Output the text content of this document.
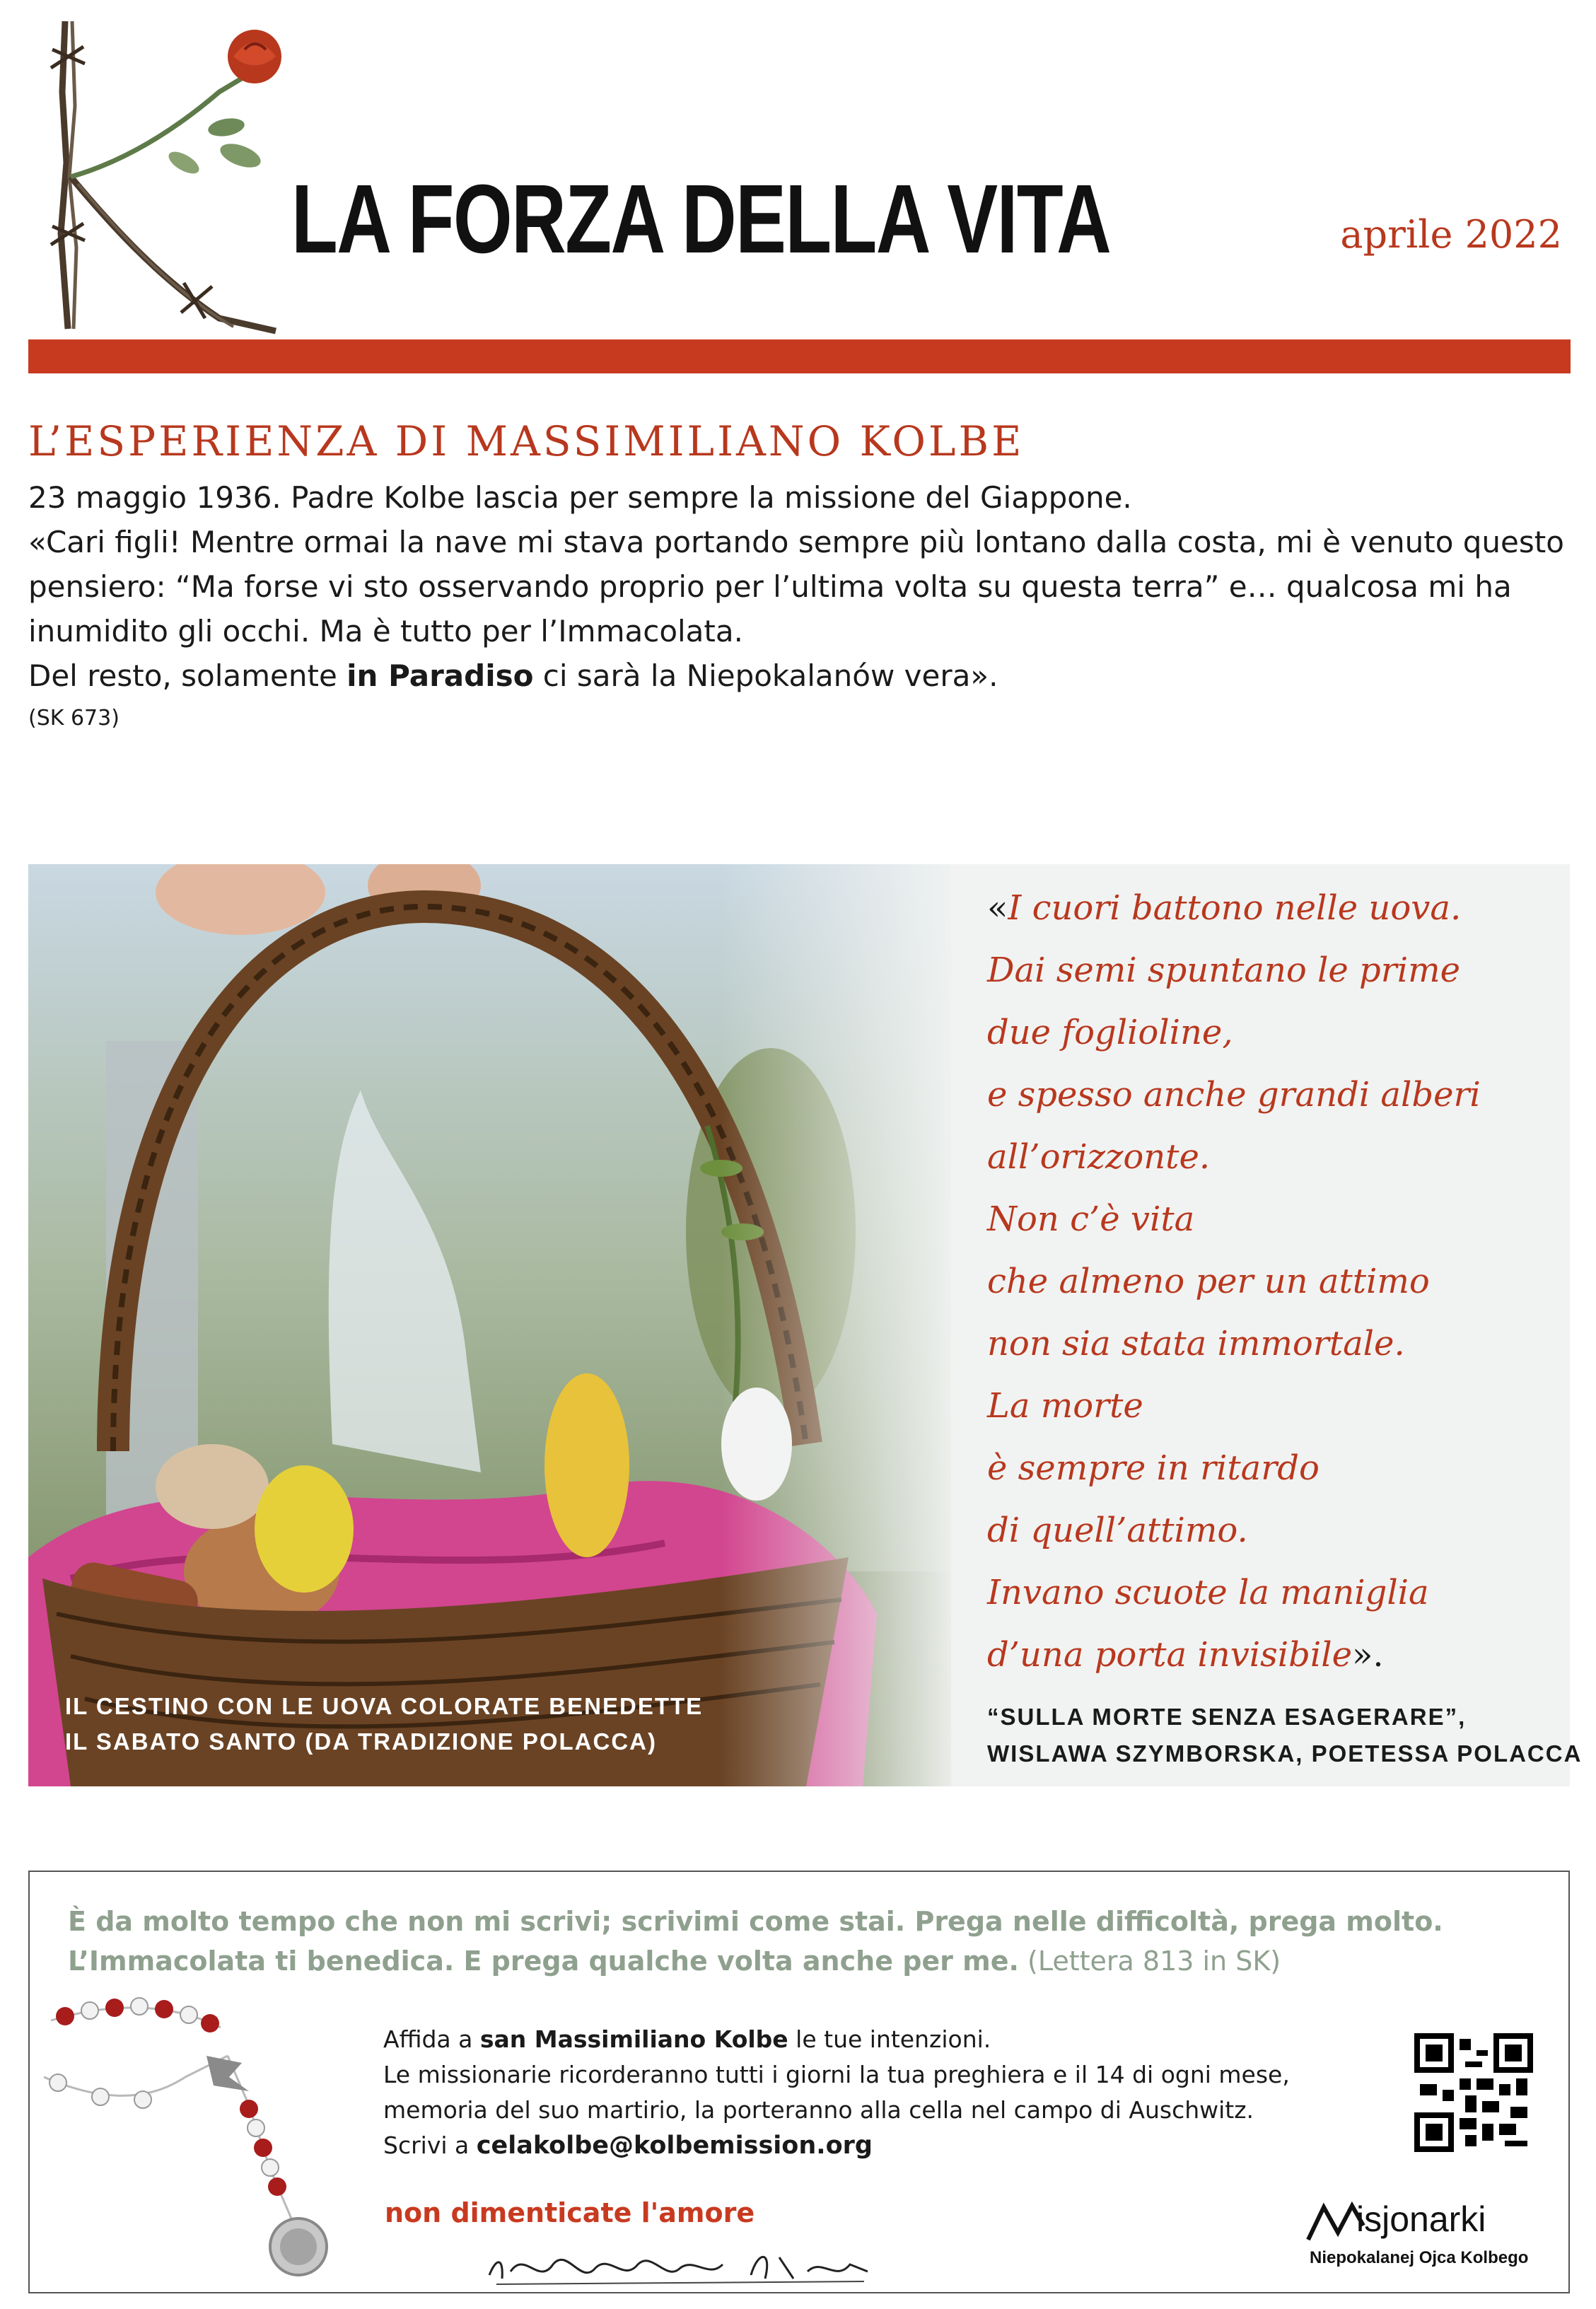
LA FORZA DELLA VITA	aprile 2022
L’ESPERIENZA DI MASSIMILIANO KOLBE

23 maggio 1936. Padre Kolbe lascia per sempre la missione del Giappone.

«Cari figli! Mentre ormai la nave mi stava portando sempre più lontano dalla costa, mi è venuto questo pensiero: “Ma forse vi sto osservando proprio per l’ultima volta su questa terra” e… qualcosa mi ha inumidito gli occhi. Ma è tutto per l’Immacolata.

Del resto, solamente in Paradiso ci sarà la Niepokalanów vera».

(SK 673)

IL CESTINO CON LE UOVA COLORATE BENEDETTE
IL SABATO SANTO (DA TRADIZIONE POLACCA)
«I cuori battono nelle uova.
Dai semi spuntano le prime
due foglioline,
e spesso anche grandi alberi
all’orizzonte.
Non c’è vita
che almeno per un attimo
non sia stata immortale.
La morte
è sempre in ritardo
di quell’attimo.
Invano scuote la maniglia
d’una porta invisibile».
“SULLA MORTE SENZA ESAGERARE”,
WISLAWA SZYMBORSKA, POETESSA POLACCA
È da molto tempo che non mi scrivi; scrivimi come stai. Prega nelle difficoltà, prega molto.
L’Immacolata ti benedica. E prega qualche volta anche per me. (Lettera 813 in SK)
Affida a san Massimiliano Kolbe le tue intenzioni.
Le missionarie ricorderanno tutti i giorni la tua preghiera e il 14 di ogni mese,
memoria del suo martirio, la porteranno alla cella nel campo di Auschwitz.
Scrivi a celakolbe@kolbemission.org
non dimenticate l'amore	isjonarki
Niepokalanej Ojca Kolbego
